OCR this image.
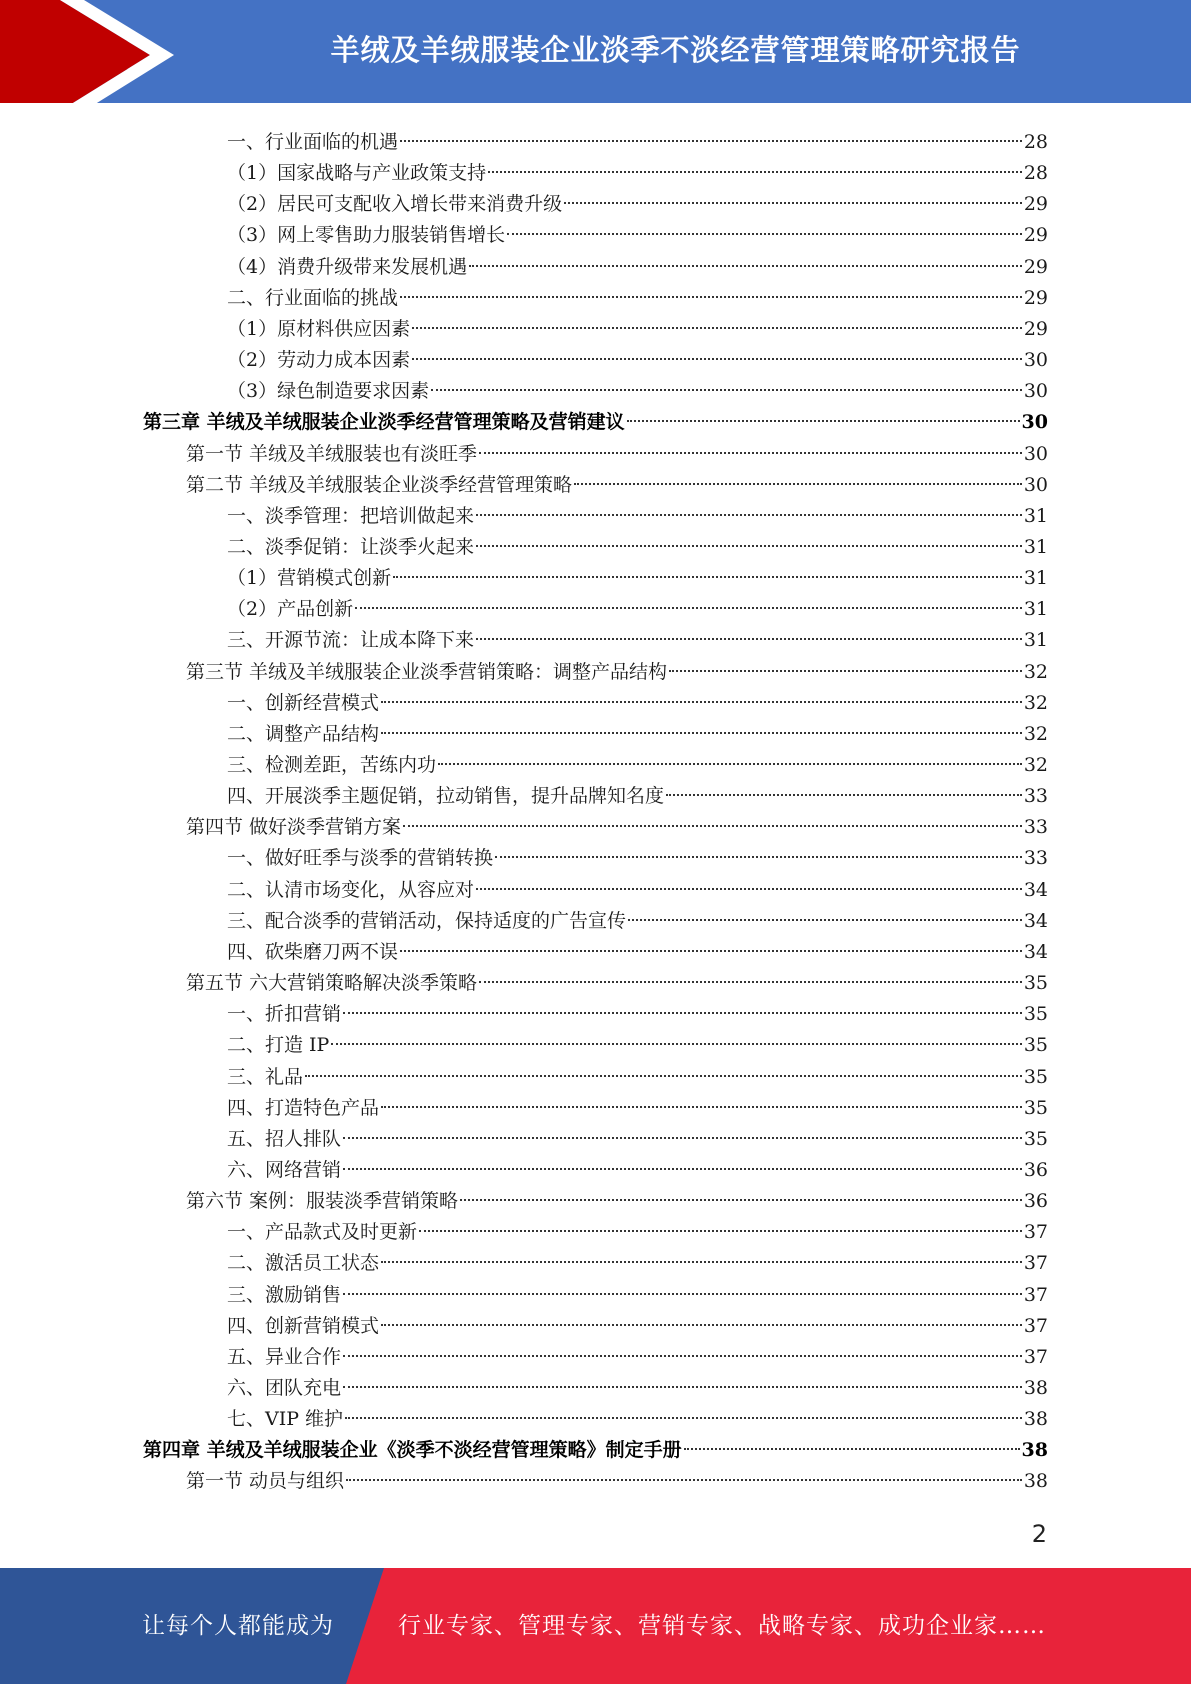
羊绒及羊绒服装企业淡季不淡经营管理策略研究报告
一、行业面临的机遇	28
（1）国家战略与产业政策支持	28
（2）居民可支配收入增长带来消费升级	29
（3）网上零售助力服装销售增长	29
（4）消费升级带来发展机遇	29
二、行业面临的挑战	29
（1）原材料供应因素	29
（2）劳动力成本因素	30
（3）绿色制造要求因素	30
第三章 羊绒及羊绒服装企业淡季经营管理策略及营销建议	30
第一节 羊绒及羊绒服装也有淡旺季	30
第二节 羊绒及羊绒服装企业淡季经营管理策略	30
一、淡季管理：把培训做起来	31
二、淡季促销：让淡季火起来	31
（1）营销模式创新	31
（2）产品创新	31
三、开源节流：让成本降下来	31
第三节 羊绒及羊绒服装企业淡季营销策略：调整产品结构	32
一、创新经营模式	32
二、调整产品结构	32
三、检测差距，苦练内功	32
四、开展淡季主题促销，拉动销售，提升品牌知名度	33
第四节 做好淡季营销方案	33
一、做好旺季与淡季的营销转换	33
二、认清市场变化，从容应对	34
三、配合淡季的营销活动，保持适度的广告宣传	34
四、砍柴磨刀两不误	34
第五节 六大营销策略解决淡季策略	35
一、折扣营销	35
二、打造 IP	35
三、礼品	35
四、打造特色产品	35
五、招人排队	35
六、网络营销	36
第六节 案例：服装淡季营销策略	36
一、产品款式及时更新	37
二、激活员工状态	37
三、激励销售	37
四、创新营销模式	37
五、异业合作	37
六、团队充电	38
七、VIP 维护	38
第四章 羊绒及羊绒服装企业《淡季不淡经营管理策略》制定手册	38
第一节 动员与组织	38
2
让每个人都能成为	行业专家、管理专家、营销专家、战略专家、成功企业家……
